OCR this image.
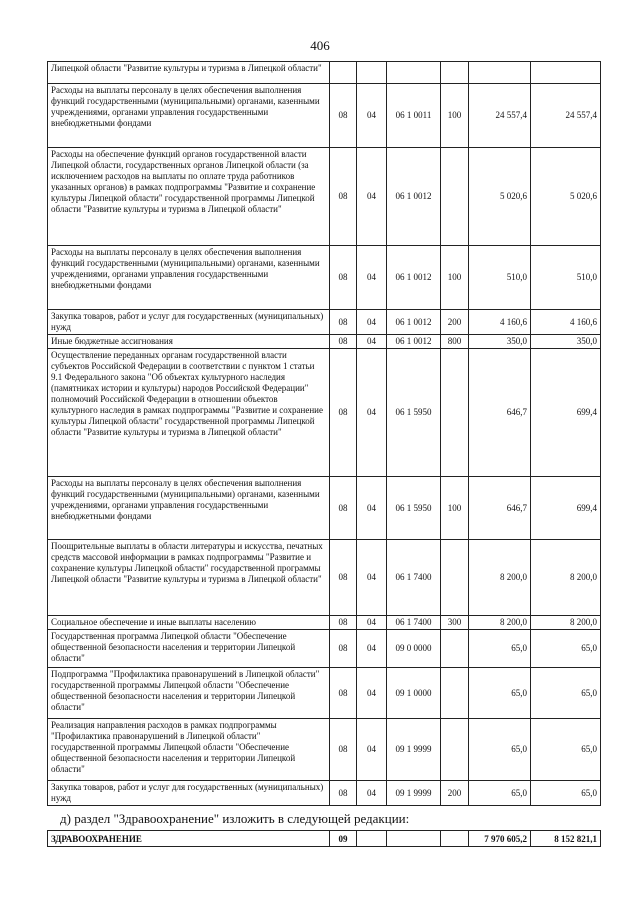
406
Липецкой области "Развитие культуры и туризма в Липецкой области"						
Расходы на выплаты персоналу в целях обеспечения выполнения функций государственными (муниципальными) органами, казенными учреждениями, органами управления государственными внебюджетными фондами	08	04	06 1 0011	100	24 557,4	24 557,4
Расходы на обеспечение функций органов государственной власти Липецкой области, государственных органов Липецкой области (за исключением расходов на выплаты по оплате труда работников указанных органов) в рамках подпрограммы "Развитие и сохранение культуры Липецкой области" государственной программы Липецкой области "Развитие культуры и туризма в Липецкой области"	08	04	06 1 0012		5 020,6	5 020,6
Расходы на выплаты персоналу в целях обеспечения выполнения функций государственными (муниципальными) органами, казенными учреждениями, органами управления государственными внебюджетными фондами	08	04	06 1 0012	100	510,0	510,0
Закупка товаров, работ и услуг для государственных (муниципальных) нужд	08	04	06 1 0012	200	4 160,6	4 160,6
Иные бюджетные ассигнования	08	04	06 1 0012	800	350,0	350,0
Осуществление переданных органам государственной власти субъектов Российской Федерации в соответствии с пунктом 1 статьи 9.1 Федерального закона "Об объектах культурного наследия (памятниках истории и культуры) народов Российской Федерации" полномочий Российской Федерации в отношении объектов культурного наследия в рамках подпрограммы "Развитие и сохранение культуры Липецкой области" государственной программы Липецкой области "Развитие культуры и туризма в Липецкой области"	08	04	06 1 5950		646,7	699,4
Расходы на выплаты персоналу в целях обеспечения выполнения функций государственными (муниципальными) органами, казенными учреждениями, органами управления государственными внебюджетными фондами	08	04	06 1 5950	100	646,7	699,4
Поощрительные выплаты в области литературы и искусства, печатных средств массовой информации в рамках подпрограммы "Развитие и сохранение культуры Липецкой области" государственной программы Липецкой области "Развитие культуры и туризма в Липецкой области"	08	04	06 1 7400		8 200,0	8 200,0
Социальное обеспечение и иные выплаты населению	08	04	06 1 7400	300	8 200,0	8 200,0
Государственная программа Липецкой области "Обеспечение общественной безопасности населения и территории Липецкой области"	08	04	09 0 0000		65,0	65,0
Подпрограмма "Профилактика правонарушений в Липецкой области" государственной программы Липецкой области "Обеспечение общественной безопасности населения и территории Липецкой области"	08	04	09 1 0000		65,0	65,0
Реализация направления расходов в рамках подпрограммы "Профилактика правонарушений в Липецкой области" государственной программы Липецкой области "Обеспечение общественной безопасности населения и территории Липецкой области"	08	04	09 1 9999		65,0	65,0
Закупка товаров, работ и услуг для государственных (муниципальных) нужд	08	04	09 1 9999	200	65,0	65,0
д) раздел "Здравоохранение" изложить в следующей редакции:
ЗДРАВООХРАНЕНИЕ	09				7 970 605,2	8 152 821,1
